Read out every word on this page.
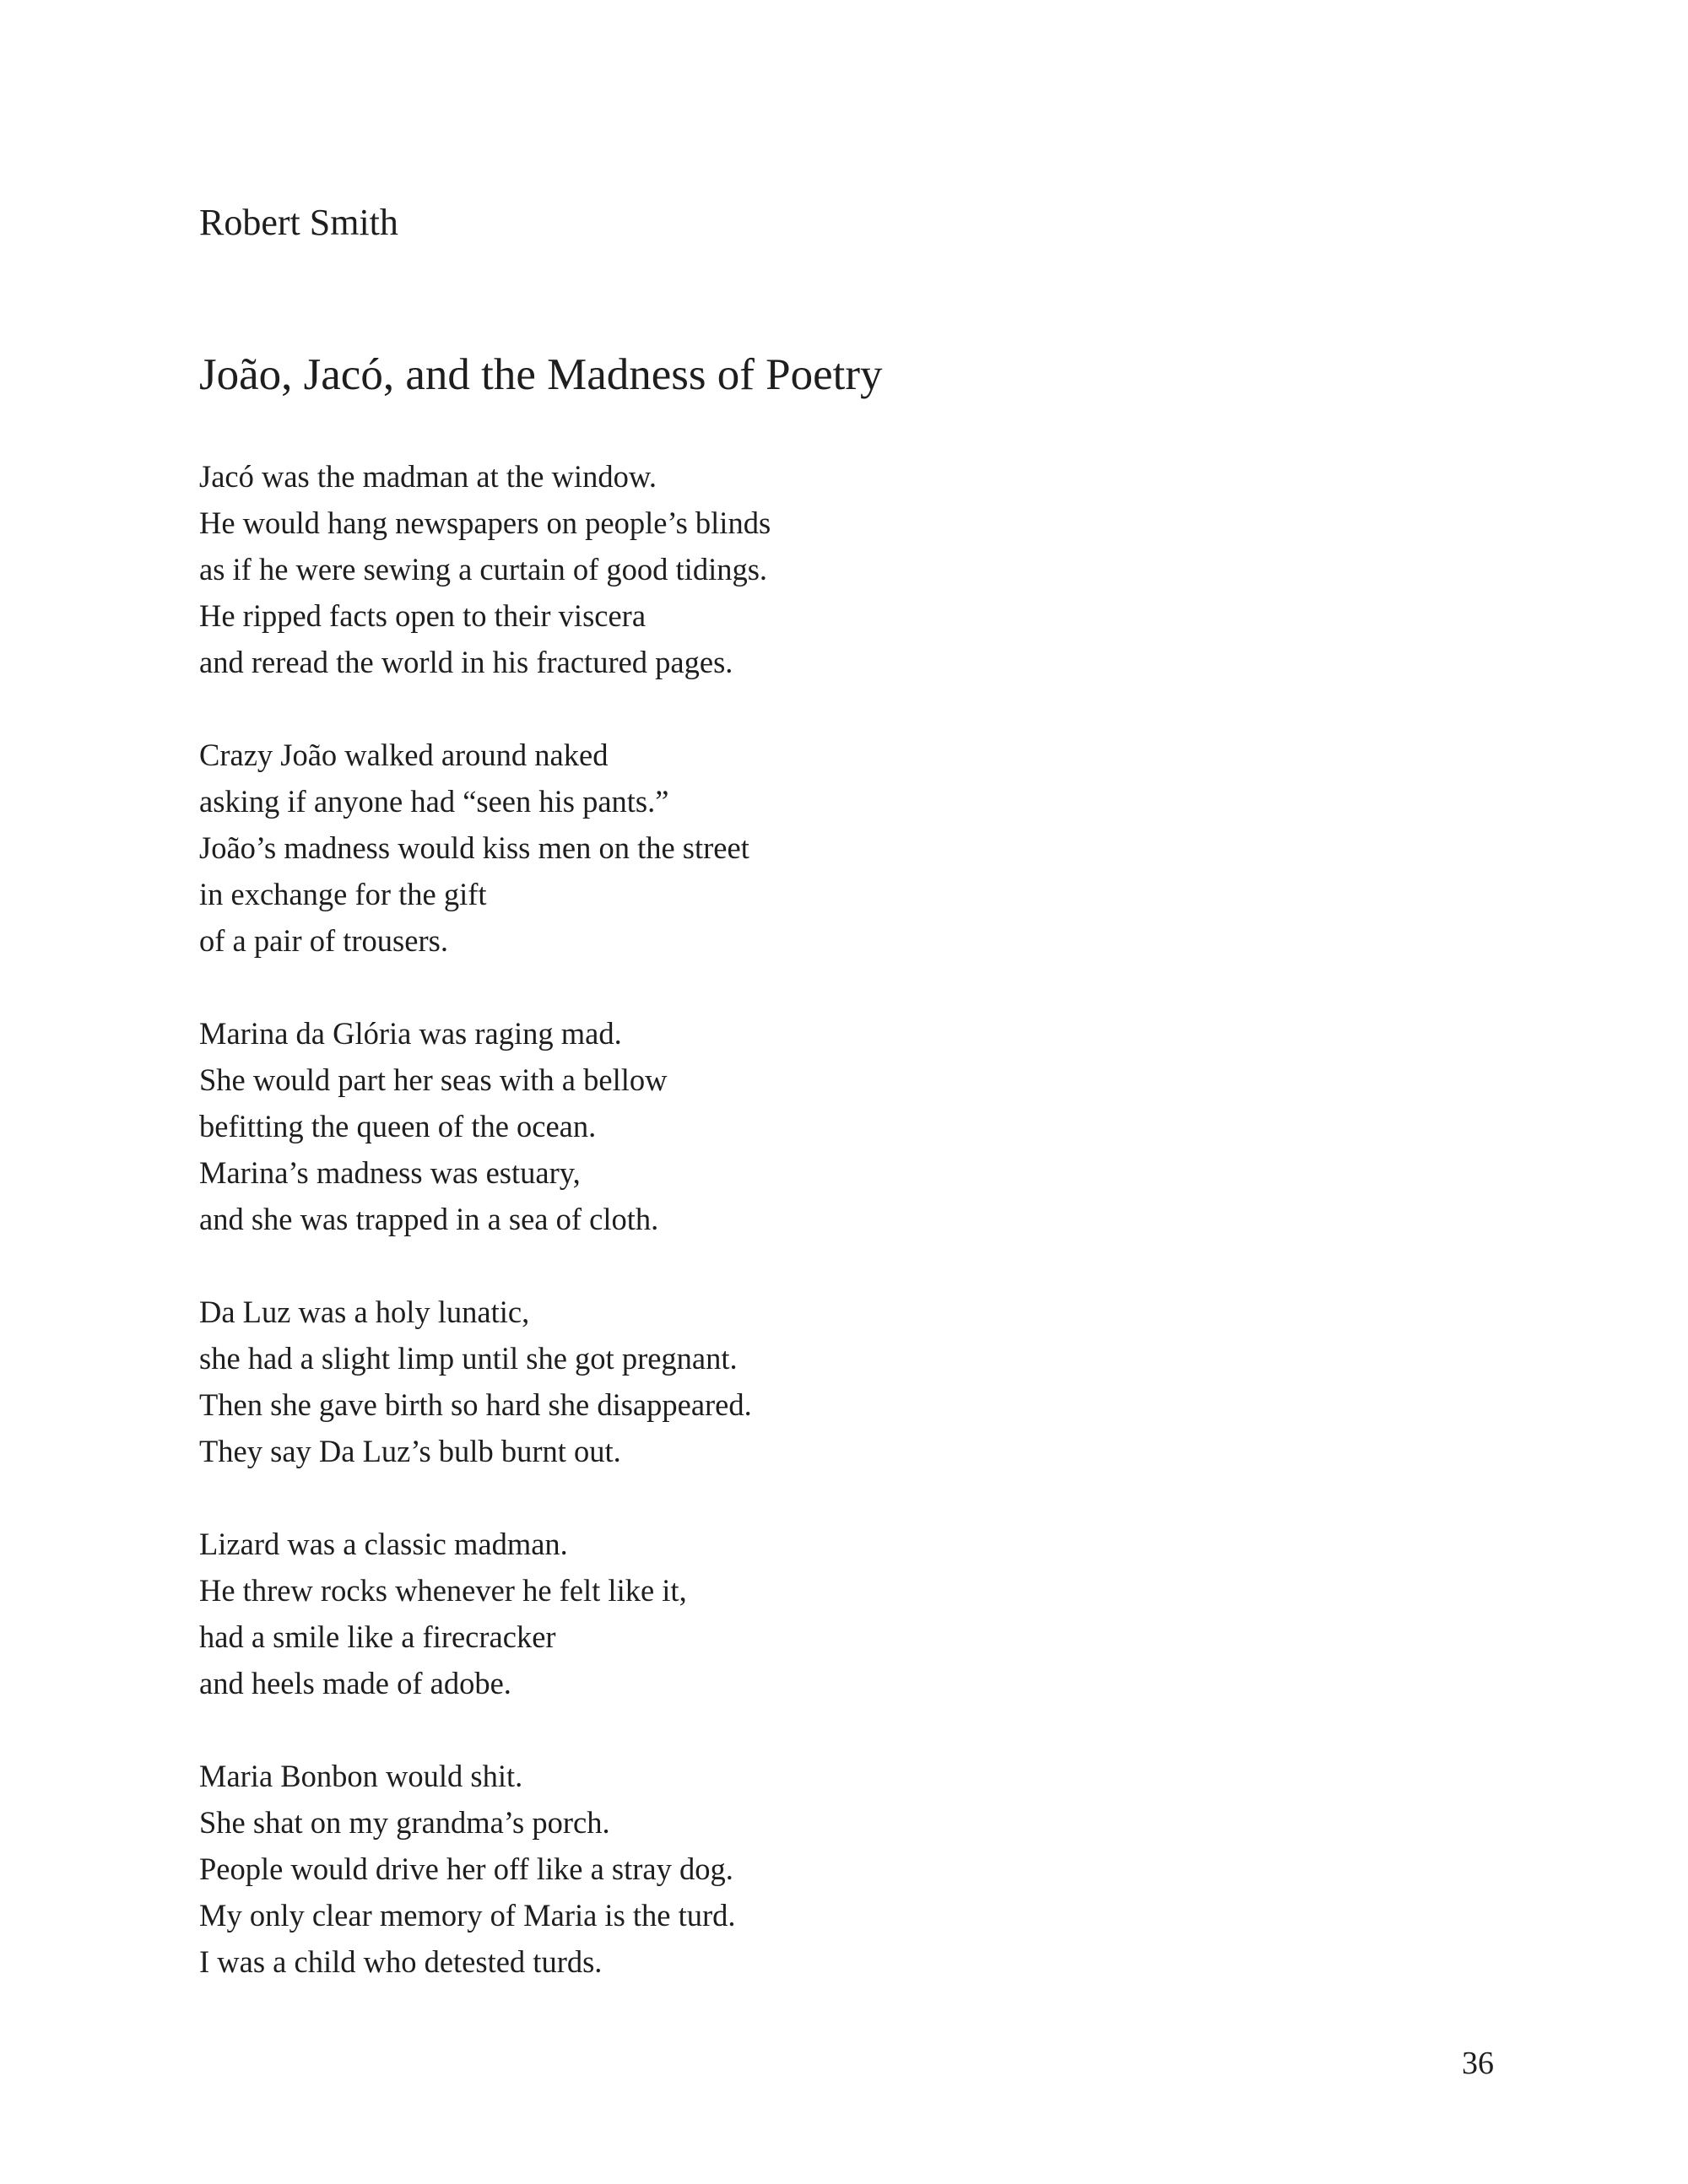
Robert Smith
João, Jacó, and the Madness of Poetry
Jacó was the madman at the window.
He would hang newspapers on people’s blinds
as if he were sewing a curtain of good tidings.
He ripped facts open to their viscera
and reread the world in his fractured pages.
Crazy João walked around naked
asking if anyone had “seen his pants.”
João’s madness would kiss men on the street
in exchange for the gift
of a pair of trousers.
Marina da Glória was raging mad.
She would part her seas with a bellow
befitting the queen of the ocean.
Marina’s madness was estuary,
and she was trapped in a sea of cloth.
Da Luz was a holy lunatic,
she had a slight limp until she got pregnant.
Then she gave birth so hard she disappeared.
They say Da Luz’s bulb burnt out.
Lizard was a classic madman.
He threw rocks whenever he felt like it,
had a smile like a firecracker
and heels made of adobe.
Maria Bonbon would shit.
She shat on my grandma’s porch.
People would drive her off like a stray dog.
My only clear memory of Maria is the turd.
I was a child who detested turds.
36
